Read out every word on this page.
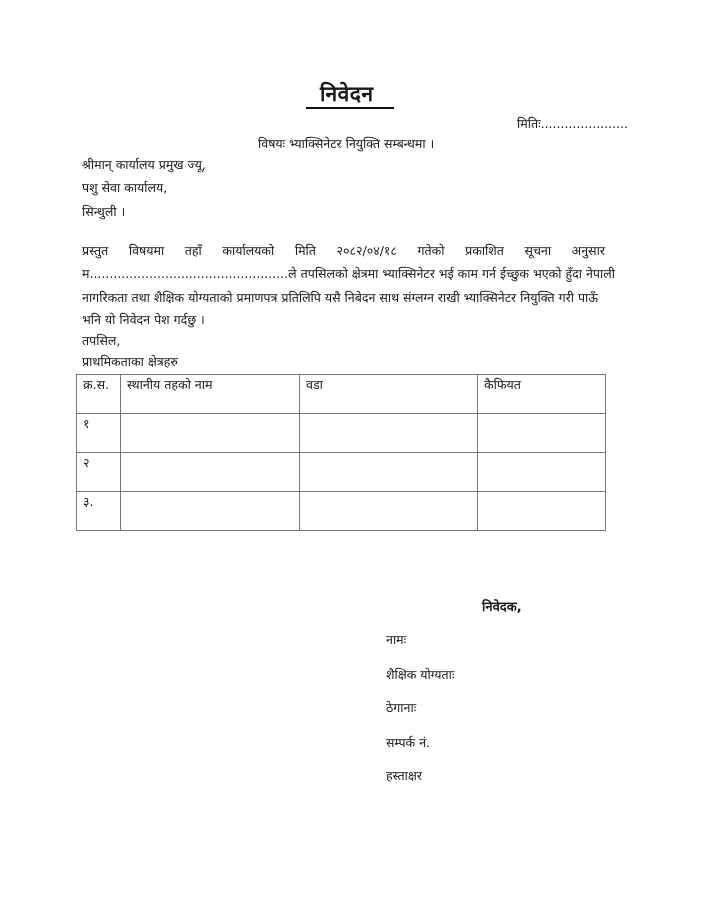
निवेदन
मितिः......................
विषयः भ्याक्सिनेटर नियुक्ति सम्बन्धमा ।
श्रीमान् कार्यालय प्रमुख ज्यू,
पशु सेवा कार्यालय,
सिन्धुली ।
प्रस्तुत विषयमा तहाँ कार्यालयको मिति २०८२/०४/१८ गतेको प्रकाशित सूचना अनुसार
म..................................................ले तपसिलको क्षेत्रमा भ्याक्सिनेटर भई काम गर्न ईच्छुक भएको हुँदा नेपाली
नागरिकता तथा शैक्षिक योग्यताको प्रमाणपत्र प्रतिलिपि यसै निबेदन साथ संग्लग्न राखी भ्याक्सिनेटर नियुक्ति गरी पाऊँ
भनि यो निवेदन पेश गर्दछु ।
तपसिल,
प्राथमिकताका क्षेत्रहरु
क्र.स.	स्थानीय तहको नाम	वडा	कैफियत
१			
२			
३.			
निवेदक,
नामः
शैक्षिक योग्यताः
ठेगानाः
सम्पर्क नं.
हस्ताक्षर
